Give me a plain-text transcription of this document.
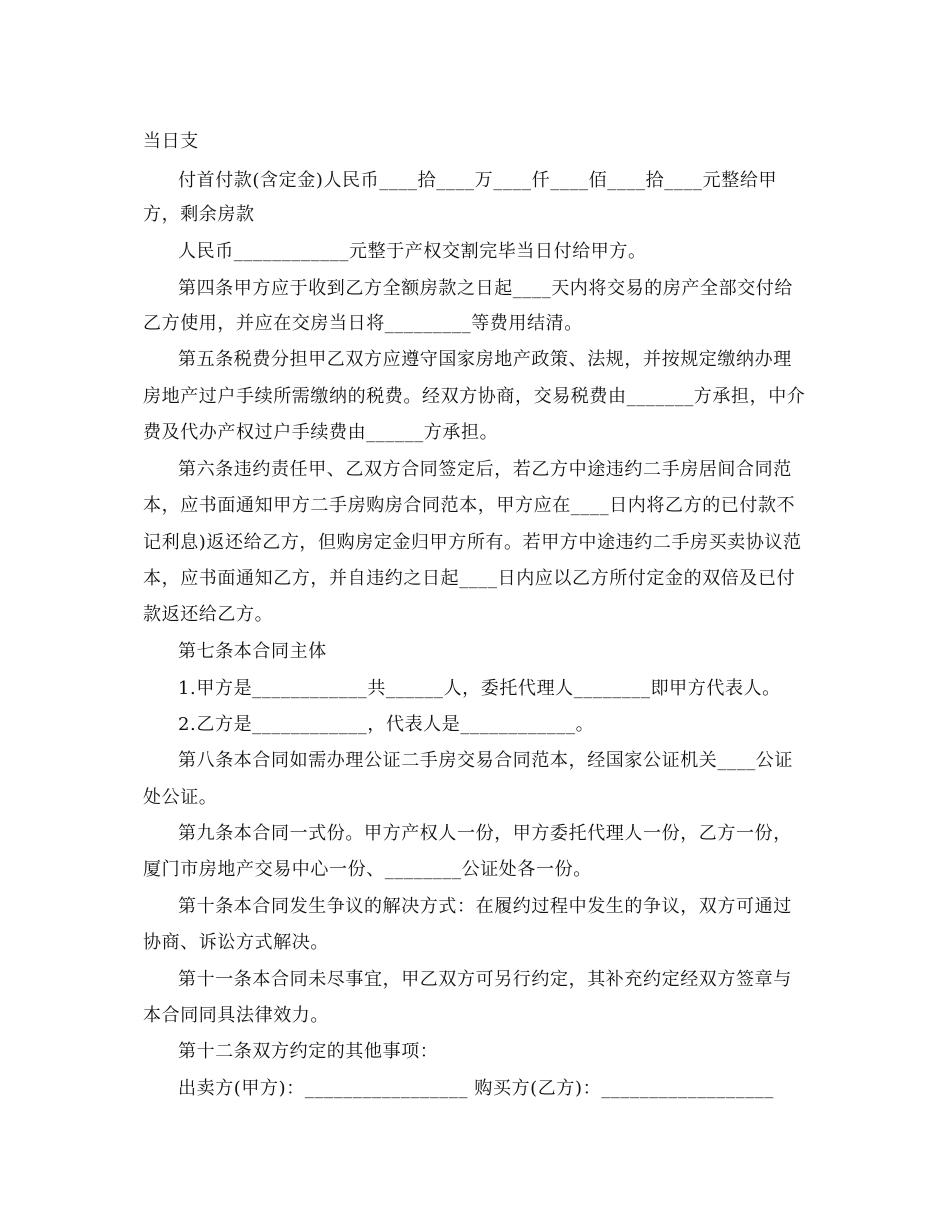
当日支
付首付款(含定金)人民币____拾____万____仟____佰____拾____元整给甲
方，剩余房款
人民币____________元整于产权交割完毕当日付给甲方。
第四条甲方应于收到乙方全额房款之日起____天内将交易的房产全部交付给
乙方使用，并应在交房当日将_________等费用结清。
第五条税费分担甲乙双方应遵守国家房地产政策、法规，并按规定缴纳办理
房地产过户手续所需缴纳的税费。经双方协商，交易税费由_______方承担，中介
费及代办产权过户手续费由______方承担。
第六条违约责任甲、乙双方合同签定后，若乙方中途违约二手房居间合同范
本，应书面通知甲方二手房购房合同范本，甲方应在____日内将乙方的已付款不
记利息)返还给乙方，但购房定金归甲方所有。若甲方中途违约二手房买卖协议范
本，应书面通知乙方，并自违约之日起____日内应以乙方所付定金的双倍及已付
款返还给乙方。
第七条本合同主体
1.甲方是____________共______人，委托代理人________即甲方代表人。
2.乙方是____________，代表人是____________。
第八条本合同如需办理公证二手房交易合同范本，经国家公证机关____公证
处公证。
第九条本合同一式份。甲方产权人一份，甲方委托代理人一份，乙方一份，
厦门市房地产交易中心一份、________公证处各一份。
第十条本合同发生争议的解决方式：在履约过程中发生的争议，双方可通过
协商、诉讼方式解决。
第十一条本合同未尽事宜，甲乙双方可另行约定，其补充约定经双方签章与
本合同同具法律效力。
第十二条双方约定的其他事项：
出卖方(甲方)：_________________ 购买方(乙方)：__________________
